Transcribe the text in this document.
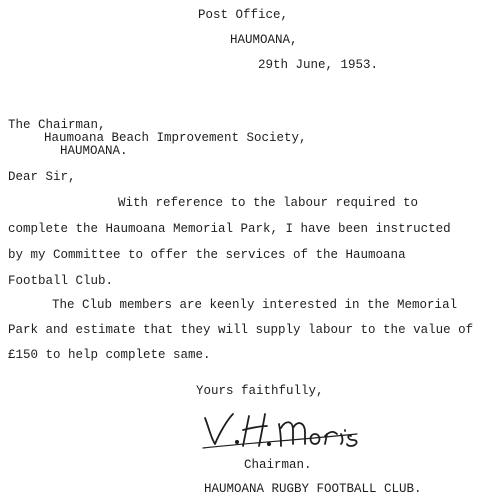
Post Office,
HAUMOANA,
29th June, 1953.
The Chairman,
Haumoana Beach Improvement Society,
HAUMOANA.
Dear Sir,
With reference to the labour required to
complete the Haumoana Memorial Park, I have been instructed
by my Committee to offer the services of the Haumoana
Football Club.
The Club members are keenly interested in the Memorial
Park and estimate that they will supply labour to the value of
£150 to help complete same.
Yours faithfully,
Chairman.
HAUMOANA RUGBY FOOTBALL CLUB.
